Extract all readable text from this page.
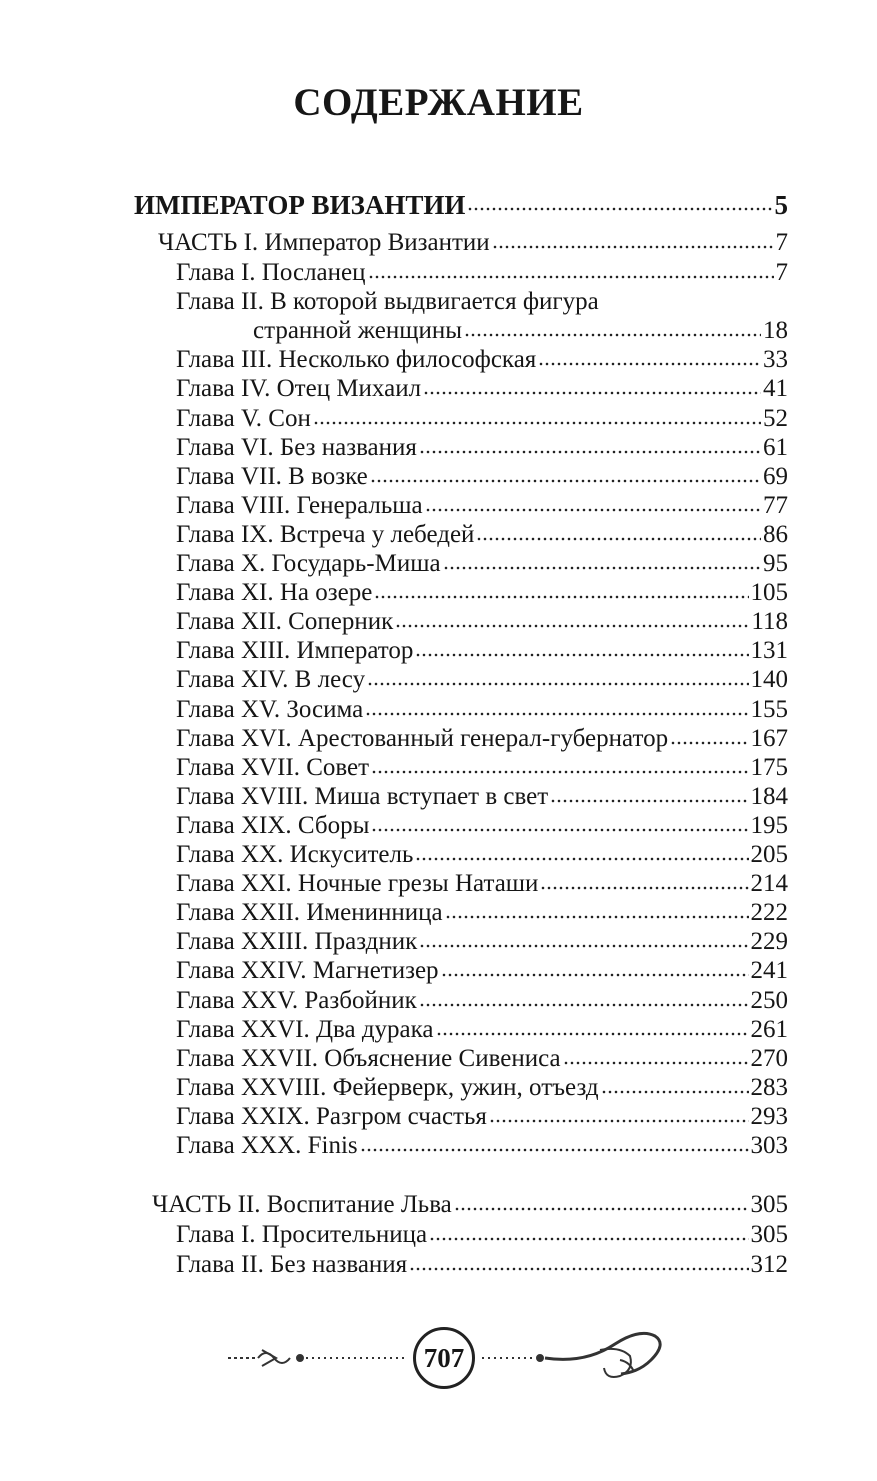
СОДЕРЖАНИЕ
ИМПЕРАТОР ВИЗАНТИИ	5
ЧАСТЬ I. Император Византии	7
Глава I. Посланец	7
Глава II. В которой выдвигается фигура
странной женщины	18
Глава III. Несколько философская	33
Глава IV. Отец Михаил	41
Глава V. Сон	52
Глава VI. Без названия	61
Глава VII. В возке	69
Глава VIII. Генеральша	77
Глава IX. Встреча у лебедей	86
Глава X. Государь-Миша	95
Глава XI. На озере	105
Глава XII. Соперник	118
Глава XIII. Император	131
Глава XIV. В лесу	140
Глава XV. Зосима	155
Глава XVI. Арестованный генерал-губернатор	167
Глава XVII. Совет	175
Глава XVIII. Миша вступает в свет	184
Глава XIX. Сборы	195
Глава XX. Искуситель	205
Глава XXI. Ночные грезы Наташи	214
Глава XXII. Именинница	222
Глава XXIII. Праздник	229
Глава XXIV. Магнетизер	241
Глава XXV. Разбойник	250
Глава XXVI. Два дурака	261
Глава XXVII. Объяснение Сивениса	270
Глава XXVIII. Фейерверк, ужин, отъезд	283
Глава XXIX. Разгром счастья	293
Глава XXX. Finis	303
ЧАСТЬ II. Воспитание Льва	305
Глава I. Просительница	305
Глава II. Без названия	312
707
